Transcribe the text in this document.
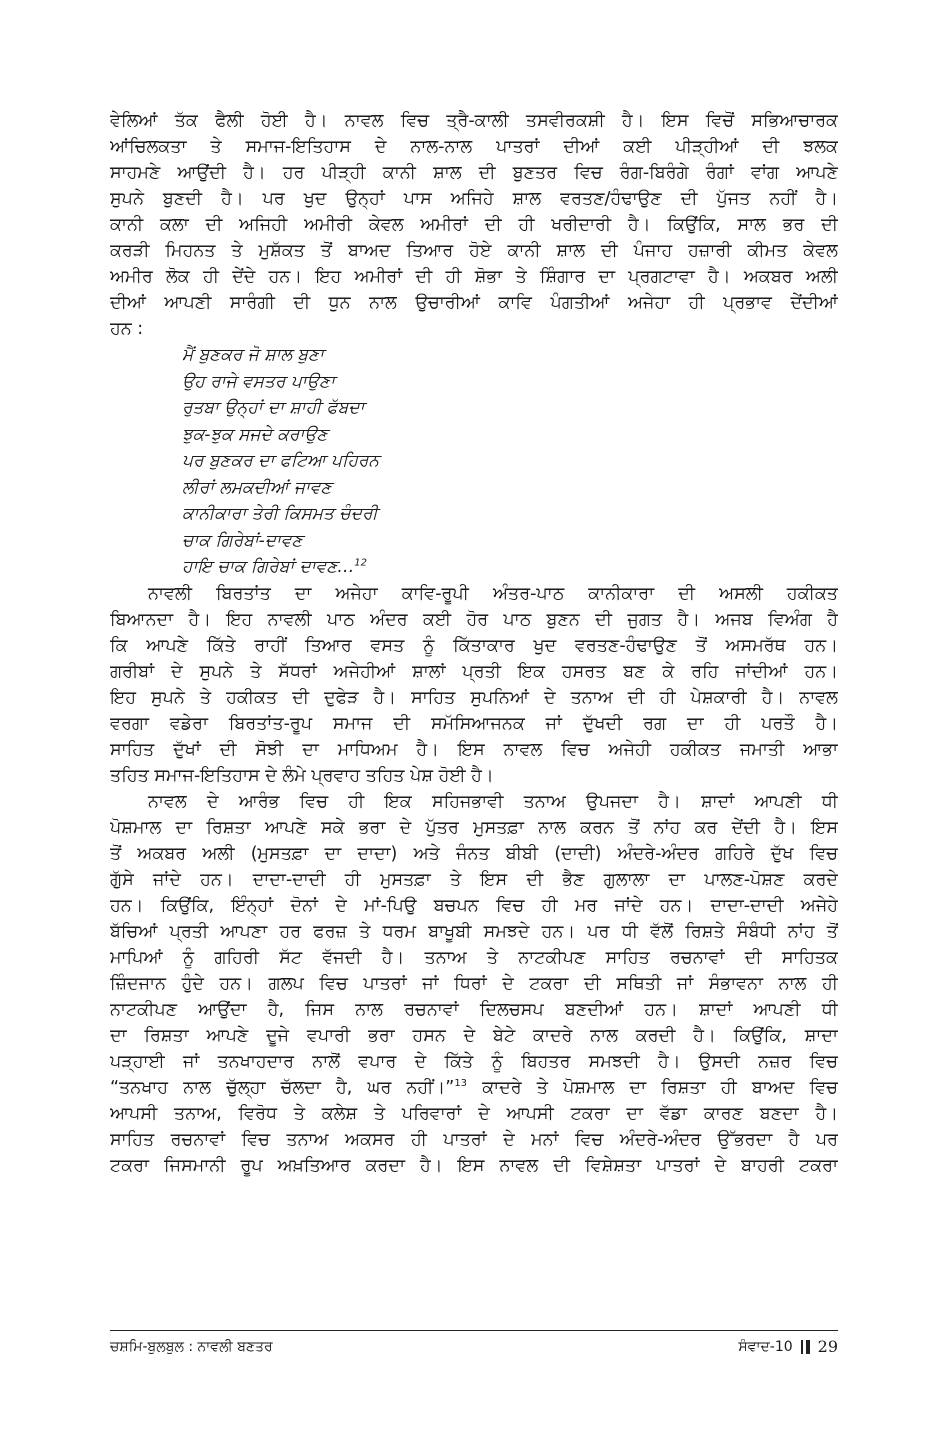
ਵੇਲਿਆਂ ਤੱਕ ਫੈਲੀ ਹੋਈ ਹੈ। ਨਾਵਲ ਵਿਚ ਤ੍ਰੈ-ਕਾਲੀ ਤਸਵੀਰਕਸ਼ੀ ਹੈ। ਇਸ ਵਿਚੋਂ ਸਭਿਆਚਾਰਕ
ਆਂਚਿਲਕਤਾ ਤੇ ਸਮਾਜ-ਇਤਿਹਾਸ ਦੇ ਨਾਲ-ਨਾਲ ਪਾਤਰਾਂ ਦੀਆਂ ਕਈ ਪੀੜ੍ਹੀਆਂ ਦੀ ਝਲਕ
ਸਾਹਮਣੇ ਆਉਂਦੀ ਹੈ। ਹਰ ਪੀੜ੍ਹੀ ਕਾਨੀ ਸ਼ਾਲ ਦੀ ਬੁਣਤਰ ਵਿਚ ਰੰਗ-ਬਿਰੰਗੇ ਰੰਗਾਂ ਵਾਂਗ ਆਪਣੇ
ਸੁਪਨੇ ਬੁਣਦੀ ਹੈ। ਪਰ ਖੁਦ ਉਨ੍ਹਾਂ ਪਾਸ ਅਜਿਹੇ ਸ਼ਾਲ ਵਰਤਣ/ਹੰਢਾਉਣ ਦੀ ਪੁੱਜਤ ਨਹੀਂ ਹੈ।
ਕਾਨੀ ਕਲਾ ਦੀ ਅਜਿਹੀ ਅਮੀਰੀ ਕੇਵਲ ਅਮੀਰਾਂ ਦੀ ਹੀ ਖਰੀਦਾਰੀ ਹੈ। ਕਿਉਂਕਿ, ਸਾਲ ਭਰ ਦੀ
ਕਰੜੀ ਮਿਹਨਤ ਤੇ ਮੁਸ਼ੱਕਤ ਤੋਂ ਬਾਅਦ ਤਿਆਰ ਹੋਏ ਕਾਨੀ ਸ਼ਾਲ ਦੀ ਪੰਜਾਹ ਹਜ਼ਾਰੀ ਕੀਮਤ ਕੇਵਲ
ਅਮੀਰ ਲੋਕ ਹੀ ਦੇਂਦੇ ਹਨ। ਇਹ ਅਮੀਰਾਂ ਦੀ ਹੀ ਸ਼ੋਭਾ ਤੇ ਸ਼ਿੰਗਾਰ ਦਾ ਪ੍ਰਗਟਾਵਾ ਹੈ। ਅਕਬਰ ਅਲੀ
ਦੀਆਂ ਆਪਣੀ ਸਾਰੰਗੀ ਦੀ ਧੁਨ ਨਾਲ ਉਚਾਰੀਆਂ ਕਾਵਿ ਪੰਗਤੀਆਂ ਅਜੇਹਾ ਹੀ ਪ੍ਰਭਾਵ ਦੇਂਦੀਆਂ
ਹਨ :
ਮੈਂ ਬੁਣਕਰ ਜੋ ਸ਼ਾਲ ਬੁਣਾ
ਉਹ ਰਾਜੇ ਵਸਤਰ ਪਾਉਣਾ
ਰੁਤਬਾ ਉਨ੍ਹਾਂ ਦਾ ਸ਼ਾਹੀ ਫੱਬਦਾ
ਝੁਕ-ਝੁਕ ਸਜਦੇ ਕਰਾਉਣ
ਪਰ ਬੁਣਕਰ ਦਾ ਫਟਿਆ ਪਹਿਰਨ
ਲੀਰਾਂ ਲਮਕਦੀਆਂ ਜਾਵਣ
ਕਾਨੀਕਾਰਾ ਤੇਰੀ ਕਿਸਮਤ ਚੰਦਰੀ
ਚਾਕ ਗਿਰੇਬਾਂ-ਦਾਵਣ
ਹਾਇ ਚਾਕ ਗਿਰੇਬਾਂ ਦਾਵਣ…$^{12}$
ਨਾਵਲੀ ਬਿਰਤਾਂਤ ਦਾ ਅਜੇਹਾ ਕਾਵਿ-ਰੂਪੀ ਅੰਤਰ-ਪਾਠ ਕਾਨੀਕਾਰਾ ਦੀ ਅਸਲੀ ਹਕੀਕਤ
ਬਿਆਨਦਾ ਹੈ। ਇਹ ਨਾਵਲੀ ਪਾਠ ਅੰਦਰ ਕਈ ਹੋਰ ਪਾਠ ਬੁਣਨ ਦੀ ਜੁਗਤ ਹੈ। ਅਜਬ ਵਿਅੰਗ ਹੈ
ਕਿ ਆਪਣੇ ਕਿੱਤੇ ਰਾਹੀਂ ਤਿਆਰ ਵਸਤ ਨੂੰ ਕਿੱਤਾਕਾਰ ਖੁਦ ਵਰਤਣ-ਹੰਢਾਉਣ ਤੋਂ ਅਸਮਰੱਥ ਹਨ।
ਗਰੀਬਾਂ ਦੇ ਸੁਪਨੇ ਤੇ ਸੱਧਰਾਂ ਅਜੇਹੀਆਂ ਸ਼ਾਲਾਂ ਪ੍ਰਤੀ ਇਕ ਹਸਰਤ ਬਣ ਕੇ ਰਹਿ ਜਾਂਦੀਆਂ ਹਨ।
ਇਹ ਸੁਪਨੇ ਤੇ ਹਕੀਕਤ ਦੀ ਦੁਫੇੜ ਹੈ। ਸਾਹਿਤ ਸੁਪਨਿਆਂ ਦੇ ਤਨਾਅ ਦੀ ਹੀ ਪੇਸ਼ਕਾਰੀ ਹੈ। ਨਾਵਲ
ਵਰਗਾ ਵਡੇਰਾ ਬਿਰਤਾਂਤ-ਰੂਪ ਸਮਾਜ ਦੀ ਸਮੱਸਿਆਜਨਕ ਜਾਂ ਦੁੱਖਦੀ ਰਗ ਦਾ ਹੀ ਪਰਤੌ ਹੈ।
ਸਾਹਿਤ ਦੁੱਖਾਂ ਦੀ ਸੋਝੀ ਦਾ ਮਾਧਿਅਮ ਹੈ। ਇਸ ਨਾਵਲ ਵਿਚ ਅਜੇਹੀ ਹਕੀਕਤ ਜਮਾਤੀ ਆਭਾ
ਤਹਿਤ ਸਮਾਜ-ਇਤਿਹਾਸ ਦੇ ਲੰਮੇ ਪ੍ਰਵਾਹ ਤਹਿਤ ਪੇਸ਼ ਹੋਈ ਹੈ।
ਨਾਵਲ ਦੇ ਆਰੰਭ ਵਿਚ ਹੀ ਇਕ ਸਹਿਜਭਾਵੀ ਤਨਾਅ ਉਪਜਦਾ ਹੈ। ਸ਼ਾਦਾਂ ਆਪਣੀ ਧੀ
ਪੋਸ਼ਮਾਲ ਦਾ ਰਿਸ਼ਤਾ ਆਪਣੇ ਸਕੇ ਭਰਾ ਦੇ ਪੁੱਤਰ ਮੁਸਤਫ਼ਾ ਨਾਲ ਕਰਨ ਤੋਂ ਨਾਂਹ ਕਰ ਦੇਂਦੀ ਹੈ। ਇਸ
ਤੋਂ ਅਕਬਰ ਅਲੀ (ਮੁਸਤਫ਼ਾ ਦਾ ਦਾਦਾ) ਅਤੇ ਜੰਨਤ ਬੀਬੀ (ਦਾਦੀ) ਅੰਦਰੇ-ਅੰਦਰ ਗਹਿਰੇ ਦੁੱਖ ਵਿਚ
ਗੁੱਸੇ ਜਾਂਦੇ ਹਨ। ਦਾਦਾ-ਦਾਦੀ ਹੀ ਮੁਸਤਫ਼ਾ ਤੇ ਇਸ ਦੀ ਭੈਣ ਗੁਲਾਲਾ ਦਾ ਪਾਲਣ-ਪੋਸ਼ਣ ਕਰਦੇ
ਹਨ। ਕਿਉਂਕਿ, ਇੰਨ੍ਹਾਂ ਦੋਨਾਂ ਦੇ ਮਾਂ-ਪਿਉ ਬਚਪਨ ਵਿਚ ਹੀ ਮਰ ਜਾਂਦੇ ਹਨ। ਦਾਦਾ-ਦਾਦੀ ਅਜੇਹੇ
ਬੱਚਿਆਂ ਪ੍ਰਤੀ ਆਪਣਾ ਹਰ ਫਰਜ਼ ਤੇ ਧਰਮ ਬਾਖੂਬੀ ਸਮਝਦੇ ਹਨ। ਪਰ ਧੀ ਵੱਲੋਂ ਰਿਸ਼ਤੇ ਸੰਬੰਧੀ ਨਾਂਹ ਤੋਂ
ਮਾਪਿਆਂ ਨੂੰ ਗਹਿਰੀ ਸੱਟ ਵੱਜਦੀ ਹੈ। ਤਨਾਅ ਤੇ ਨਾਟਕੀਪਣ ਸਾਹਿਤ ਰਚਨਾਵਾਂ ਦੀ ਸਾਹਿਤਕ
ਜ਼ਿੰਦਜਾਨ ਹੁੰਦੇ ਹਨ। ਗਲਪ ਵਿਚ ਪਾਤਰਾਂ ਜਾਂ ਧਿਰਾਂ ਦੇ ਟਕਰਾ ਦੀ ਸਥਿਤੀ ਜਾਂ ਸੰਭਾਵਨਾ ਨਾਲ ਹੀ
ਨਾਟਕੀਪਣ ਆਉਂਦਾ ਹੈ, ਜਿਸ ਨਾਲ ਰਚਨਾਵਾਂ ਦਿਲਚਸਪ ਬਣਦੀਆਂ ਹਨ। ਸ਼ਾਦਾਂ ਆਪਣੀ ਧੀ
ਦਾ ਰਿਸ਼ਤਾ ਆਪਣੇ ਦੂਜੇ ਵਪਾਰੀ ਭਰਾ ਹਸਨ ਦੇ ਬੇਟੇ ਕਾਦਰੇ ਨਾਲ ਕਰਦੀ ਹੈ। ਕਿਉਂਕਿ, ਸ਼ਾਦਾ
ਪੜ੍ਹਾਈ ਜਾਂ ਤਨਖਾਹਦਾਰ ਨਾਲੋਂ ਵਪਾਰ ਦੇ ਕਿੱਤੇ ਨੂੰ ਬਿਹਤਰ ਸਮਝਦੀ ਹੈ। ਉਸਦੀ ਨਜ਼ਰ ਵਿਚ
“ਤਨਖਾਹ ਨਾਲ ਚੁੱਲ੍ਹਾ ਚੱਲਦਾ ਹੈ, ਘਰ ਨਹੀਂ।”$^{13}$ ਕਾਦਰੇ ਤੇ ਪੋਸ਼ਮਾਲ ਦਾ ਰਿਸ਼ਤਾ ਹੀ ਬਾਅਦ ਵਿਚ
ਆਪਸੀ ਤਨਾਅ, ਵਿਰੋਧ ਤੇ ਕਲੇਸ਼ ਤੇ ਪਰਿਵਾਰਾਂ ਦੇ ਆਪਸੀ ਟਕਰਾ ਦਾ ਵੱਡਾ ਕਾਰਣ ਬਣਦਾ ਹੈ।
ਸਾਹਿਤ ਰਚਨਾਵਾਂ ਵਿਚ ਤਨਾਅ ਅਕਸਰ ਹੀ ਪਾਤਰਾਂ ਦੇ ਮਨਾਂ ਵਿਚ ਅੰਦਰੇ-ਅੰਦਰ ਉੱਭਰਦਾ ਹੈ ਪਰ
ਟਕਰਾ ਜਿਸਮਾਨੀ ਰੂਪ ਅਖ਼ਤਿਆਰ ਕਰਦਾ ਹੈ। ਇਸ ਨਾਵਲ ਦੀ ਵਿਸ਼ੇਸ਼ਤਾ ਪਾਤਰਾਂ ਦੇ ਬਾਹਰੀ ਟਕਰਾ
ਚਸ਼ਮਿ-ਬੁਲਬੁਲ : ਨਾਵਲੀ ਬਣਤਰ	ਸੰਵਾਦ-10 29
